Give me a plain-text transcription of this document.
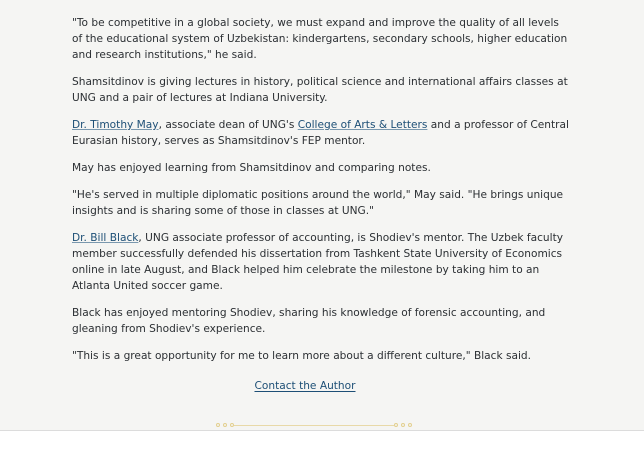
"To be competitive in a global society, we must expand and improve the quality of all levels of the educational system of Uzbekistan: kindergartens, secondary schools, higher education and research institutions," he said.

Shamsitdinov is giving lectures in history, political science and international affairs classes at UNG and a pair of lectures at Indiana University.

Dr. Timothy May, associate dean of UNG's College of Arts & Letters and a professor of Central Eurasian history, serves as Shamsitdinov's FEP mentor.

May has enjoyed learning from Shamsitdinov and comparing notes.

"He's served in multiple diplomatic positions around the world," May said. "He brings unique insights and is sharing some of those in classes at UNG."

Dr. Bill Black, UNG associate professor of accounting, is Shodiev's mentor. The Uzbek faculty member successfully defended his dissertation from Tashkent State University of Economics online in late August, and Black helped him celebrate the milestone by taking him to an Atlanta United soccer game.

Black has enjoyed mentoring Shodiev, sharing his knowledge of forensic accounting, and gleaning from Shodiev's experience.

"This is a great opportunity for me to learn more about a different culture," Black said.

Contact the Author
